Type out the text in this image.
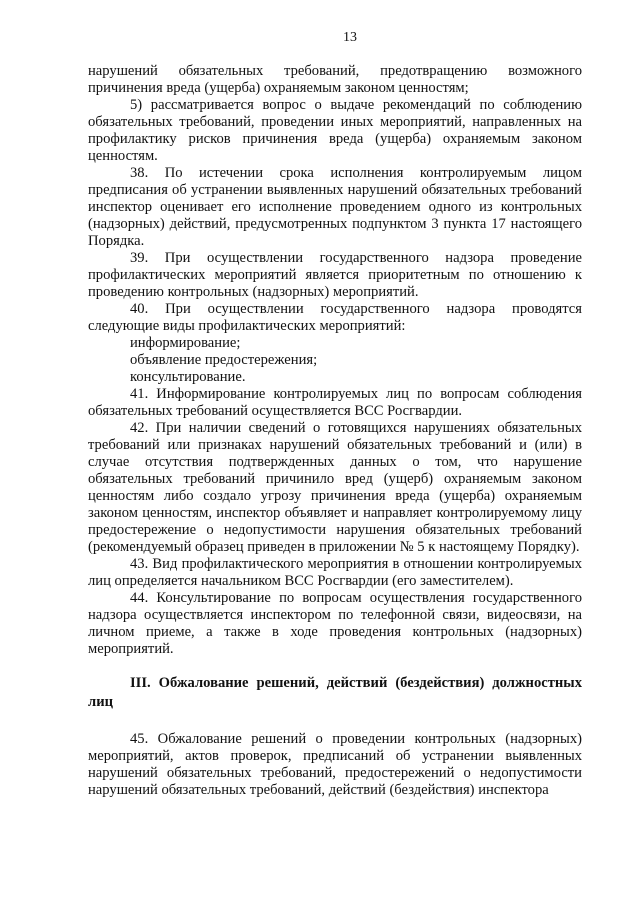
13

нарушений обязательных требований, предотвращению возможного причинения вреда (ущерба) охраняемым законом ценностям;

5) рассматривается вопрос о выдаче рекомендаций по соблюдению обязательных требований, проведении иных мероприятий, направленных на профилактику рисков причинения вреда (ущерба) охраняемым законом ценностям.

38. По истечении срока исполнения контролируемым лицом предписания об устранении выявленных нарушений обязательных требований инспектор оценивает его исполнение проведением одного из контрольных (надзорных) действий, предусмотренных подпунктом 3 пункта 17 настоящего Порядка.

39. При осуществлении государственного надзора проведение профилактических мероприятий является приоритетным по отношению к проведению контрольных (надзорных) мероприятий.

40. При осуществлении государственного надзора проводятся следующие виды профилактических мероприятий:

информирование;

объявление предостережения;

консультирование.

41. Информирование контролируемых лиц по вопросам соблюдения обязательных требований осуществляется ВСС Росгвардии.

42. При наличии сведений о готовящихся нарушениях обязательных требований или признаках нарушений обязательных требований и (или) в случае отсутствия подтвержденных данных о том, что нарушение обязательных требований причинило вред (ущерб) охраняемым законом ценностям либо создало угрозу причинения вреда (ущерба) охраняемым законом ценностям, инспектор объявляет и направляет контролируемому лицу предостережение о недопустимости нарушения обязательных требований (рекомендуемый образец приведен в приложении № 5 к настоящему Порядку).

43. Вид профилактического мероприятия в отношении контролируемых лиц определяется начальником ВСС Росгвардии (его заместителем).

44. Консультирование по вопросам осуществления государственного надзора осуществляется инспектором по телефонной связи, видеосвязи, на личном приеме, а также в ходе проведения контрольных (надзорных) мероприятий.

III. Обжалование решений, действий (бездействия) должностных лиц

45. Обжалование решений о проведении контрольных (надзорных) мероприятий, актов проверок, предписаний об устранении выявленных нарушений обязательных требований, предостережений о недопустимости нарушений обязательных требований, действий (бездействия) инспектора
